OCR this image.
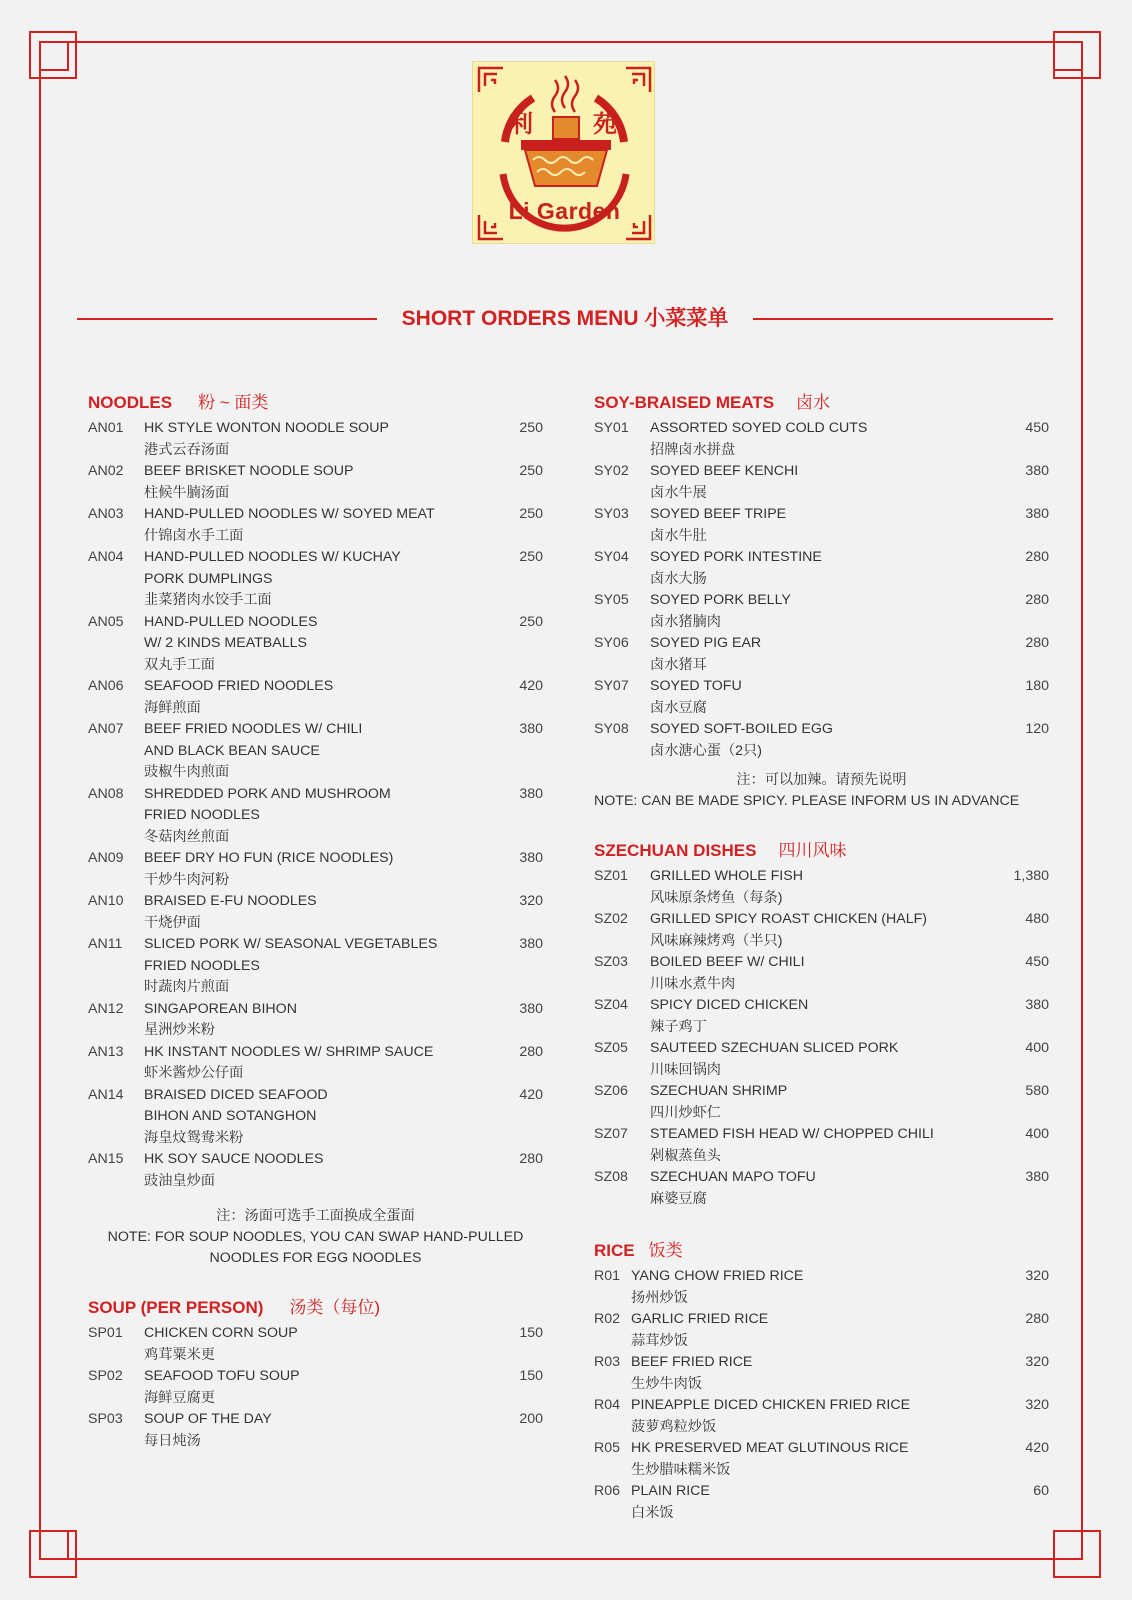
利	苑
Li Garden
SHORT ORDERS MENU 小菜菜单
NOODLES 粉 ~ 面类
AN01 HK STYLE WONTON NOODLE SOUP
港式云吞汤面
250
AN02 BEEF BRISKET NOODLE SOUP
柱候牛腩汤面
250
AN03 HAND-PULLED NOODLES W/ SOYED MEAT
什锦卤水手工面
250
AN04 HAND-PULLED NOODLES W/ KUCHAY
PORK DUMPLINGS
韭菜猪肉水饺手工面
250
AN05 HAND-PULLED NOODLES
W/ 2 KINDS MEATBALLS
双丸手工面
250
AN06 SEAFOOD FRIED NOODLES
海鲜煎面
420
AN07 BEEF FRIED NOODLES W/ CHILI
AND BLACK BEAN SAUCE
豉椒牛肉煎面
380
AN08 SHREDDED PORK AND MUSHROOM
FRIED NOODLES
冬菇肉丝煎面
380
AN09 BEEF DRY HO FUN (RICE NOODLES)
干炒牛肉河粉
380
AN10 BRAISED E-FU NOODLES
干烧伊面
320
AN11 SLICED PORK W/ SEASONAL VEGETABLES
FRIED NOODLES
时蔬肉片煎面
380
AN12 SINGAPOREAN BIHON
星洲炒米粉
380
AN13 HK INSTANT NOODLES W/ SHRIMP SAUCE
虾米酱炒公仔面
280
AN14 BRAISED DICED SEAFOOD
BIHON AND SOTANGHON
海皇炆鸳鸯米粉
420
AN15 HK SOY SAUCE NOODLES
豉油皇炒面
280
注：汤面可选手工面换成全蛋面
NOTE: FOR SOUP NOODLES, YOU CAN SWAP HAND-PULLED
NOODLES FOR EGG NOODLES
SOUP (PER PERSON) 汤类（每位)
SP01 CHICKEN CORN SOUP
鸡茸粟米更
150
SP02 SEAFOOD TOFU SOUP
海鲜豆腐更
150
SP03 SOUP OF THE DAY
每日炖汤
200
SOY-BRAISED MEATS 卤水
SY01 ASSORTED SOYED COLD CUTS
招牌卤水拼盘
450
SY02 SOYED BEEF KENCHI
卤水牛展
380
SY03 SOYED BEEF TRIPE
卤水牛肚
380
SY04 SOYED PORK INTESTINE
卤水大肠
280
SY05 SOYED PORK BELLY
卤水猪腩肉
280
SY06 SOYED PIG EAR
卤水猪耳
280
SY07 SOYED TOFU
卤水豆腐
180
SY08 SOYED SOFT-BOILED EGG
卤水溏心蛋（2只)
120
注：可以加辣。请预先说明
NOTE: CAN BE MADE SPICY. PLEASE INFORM US IN ADVANCE
SZECHUAN DISHES 四川风味
SZ01 GRILLED WHOLE FISH
风味原条烤鱼（每条)
1,380
SZ02 GRILLED SPICY ROAST CHICKEN (HALF)
风味麻辣烤鸡（半只)
480
SZ03 BOILED BEEF W/ CHILI
川味水煮牛肉
450
SZ04 SPICY DICED CHICKEN
辣子鸡丁
380
SZ05 SAUTEED SZECHUAN SLICED PORK
川味回锅肉
400
SZ06 SZECHUAN SHRIMP
四川炒虾仁
580
SZ07 STEAMED FISH HEAD W/ CHOPPED CHILI
剁椒蒸鱼头
400
SZ08 SZECHUAN MAPO TOFU
麻婆豆腐
380
RICE 饭类
R01 YANG CHOW FRIED RICE
扬州炒饭
320
R02 GARLIC FRIED RICE
蒜茸炒饭
280
R03 BEEF FRIED RICE
生炒牛肉饭
320
R04 PINEAPPLE DICED CHICKEN FRIED RICE
菠萝鸡粒炒饭
320
R05 HK PRESERVED MEAT GLUTINOUS RICE
生炒腊味糯米饭
420
R06 PLAIN RICE
白米饭
60
